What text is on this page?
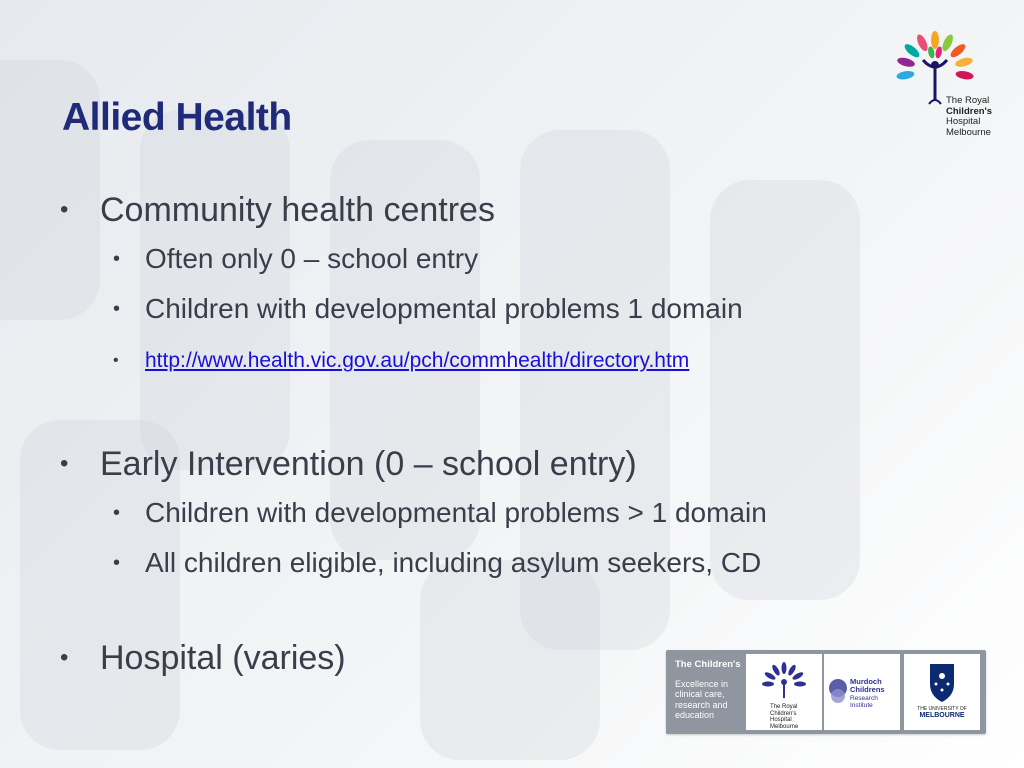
Allied Health
• Community health centres
• Often only 0 – school entry
• Children with developmental problems 1 domain
• http://www.health.vic.gov.au/pch/commhealth/directory.htm
• Early Intervention (0 – school entry)
• Children with developmental problems > 1 domain
• All children eligible, including asylum seekers, CD
• Hospital (varies)
The Royal
Children's
Hospital
Melbourne
The Children's
Excellence in clinical care, research and education
The Royal Children's Hospital Melbourne
Murdoch
Childrens
Research
Institute	THE UNIVERSITY OF
MELBOURNE
